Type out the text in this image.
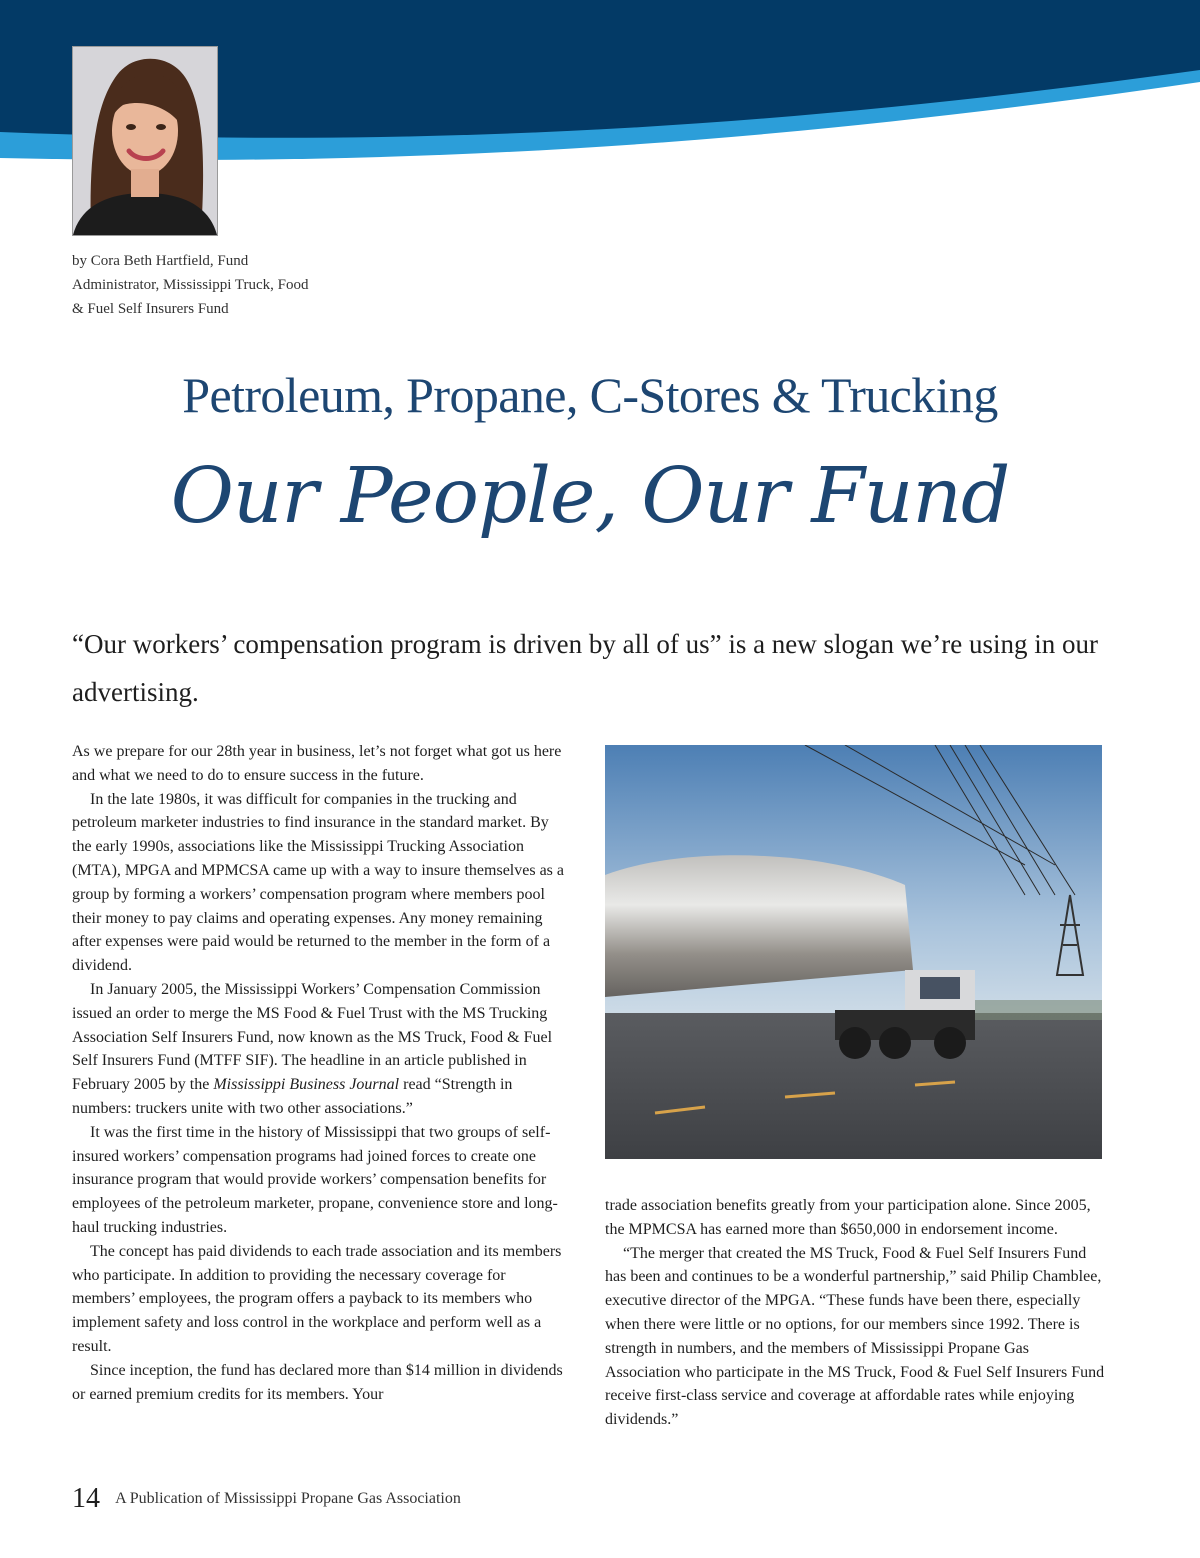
by Cora Beth Hartfield, Fund Administrator, Mississippi Truck, Food & Fuel Self Insurers Fund
Petroleum, Propane, C-Stores & Trucking
Our People, Our Fund
“Our workers’ compensation program is driven by all of us” is a new slogan we’re using in our advertising.

As we prepare for our 28th year in business, let’s not forget what got us here and what we need to do to ensure success in the future.

In the late 1980s, it was difficult for companies in the trucking and petroleum marketer industries to find insurance in the standard market. By the early 1990s, associations like the Mississippi Trucking Association (MTA), MPGA and MPMCSA came up with a way to insure themselves as a group by forming a workers’ compensation program where members pool their money to pay claims and operating expenses. Any money remaining after expenses were paid would be returned to the member in the form of a dividend.

In January 2005, the Mississippi Workers’ Compensation Commission issued an order to merge the MS Food & Fuel Trust with the MS Trucking Association Self Insurers Fund, now known as the MS Truck, Food & Fuel Self Insurers Fund (MTFF SIF). The headline in an article published in February 2005 by the Mississippi Business Journal read “Strength in numbers: truckers unite with two other associations.”

It was the first time in the history of Mississippi that two groups of self-insured workers’ compensation programs had joined forces to create one insurance program that would provide workers’ compensation benefits for employees of the petroleum marketer, propane, convenience store and long-haul trucking industries.

The concept has paid dividends to each trade association and its members who participate. In addition to providing the necessary coverage for members’ employees, the program offers a payback to its members who implement safety and loss control in the workplace and perform well as a result.

Since inception, the fund has declared more than $14 million in dividends or earned premium credits for its members. Your

trade association benefits greatly from your participation alone. Since 2005, the MPMCSA has earned more than $650,000 in endorsement income.

“The merger that created the MS Truck, Food & Fuel Self Insurers Fund has been and continues to be a wonderful partnership,” said Philip Chamblee, executive director of the MPGA. “These funds have been there, especially when there were little or no options, for our members since 1992. There is strength in numbers, and the members of Mississippi Propane Gas Association who participate in the MS Truck, Food & Fuel Self Insurers Fund receive first-class service and coverage at affordable rates while enjoying dividends.”

14 A Publication of Mississippi Propane Gas Association
